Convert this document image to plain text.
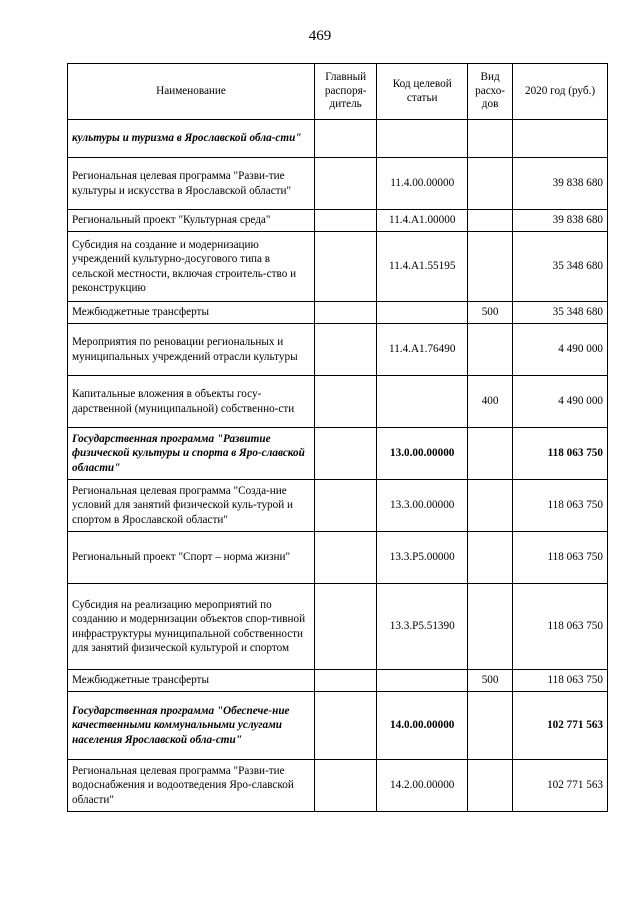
469
Наименование	Главный распоря-дитель	Код целевой статьи	Вид расхо-дов	2020 год (руб.)
культуры и туризма в Ярославской обла-сти"				
Региональная целевая программа "Разви-тие культуры и искусства в Ярославской области"		11.4.00.00000		39 838 680
Региональный проект "Культурная среда"		11.4.A1.00000		39 838 680
Субсидия на создание и модернизацию учреждений культурно-досугового типа в сельской местности, включая строитель-ство и реконструкцию		11.4.A1.55195		35 348 680
Межбюджетные трансферты			500	35 348 680
Мероприятия по реновации региональных и муниципальных учреждений отрасли культуры		11.4.A1.76490		4 490 000
Капитальные вложения в объекты госу-дарственной (муниципальной) собственно-сти			400	4 490 000
Государственная программа "Развитие физической культуры и спорта в Яро-славской области"		13.0.00.00000		118 063 750
Региональная целевая программа "Созда-ние условий для занятий физической куль-турой и спортом в Ярославской области"		13.3.00.00000		118 063 750
Региональный проект "Спорт – норма жизни"		13.3.P5.00000		118 063 750
Субсидия на реализацию мероприятий по созданию и модернизации объектов спор-тивной инфраструктуры муниципальной собственности для занятий физической культурой и спортом		13.3.P5.51390		118 063 750
Межбюджетные трансферты			500	118 063 750
Государственная программа "Обеспече-ние качественными коммунальными услугами населения Ярославской обла-сти"		14.0.00.00000		102 771 563
Региональная целевая программа "Разви-тие водоснабжения и водоотведения Яро-славской области"		14.2.00.00000		102 771 563
